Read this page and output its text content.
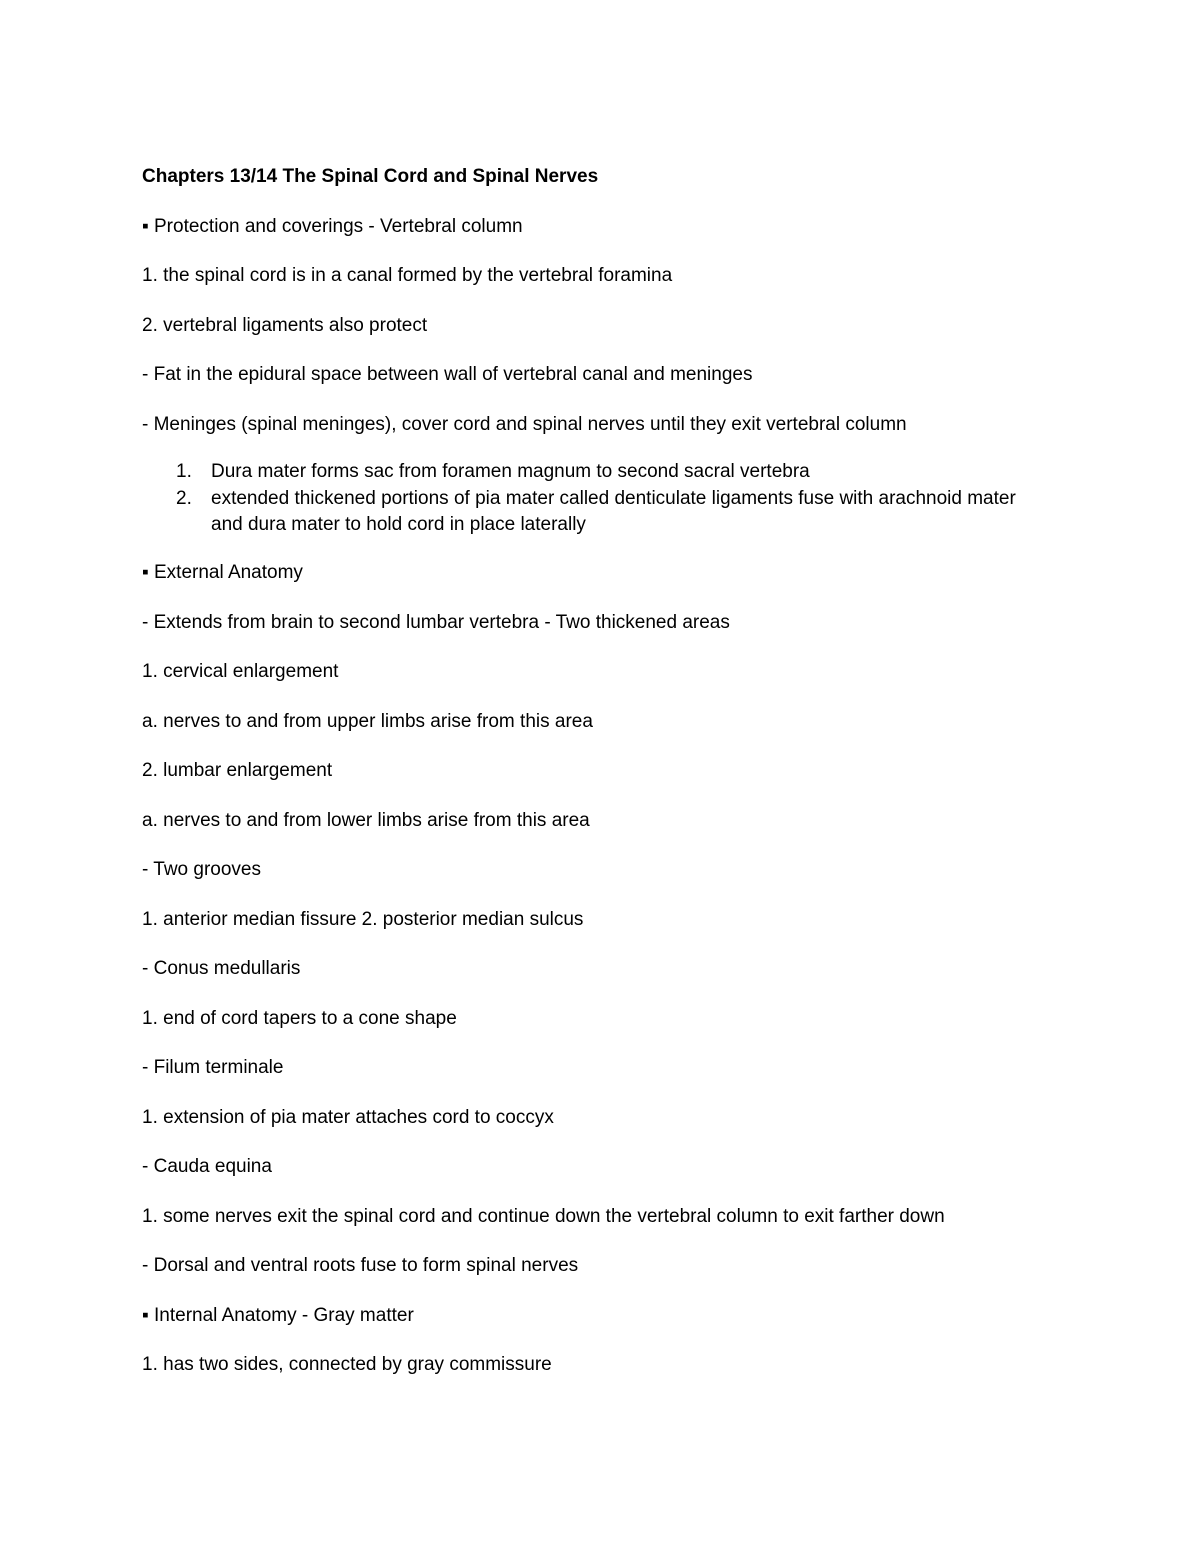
Chapters 13/14 The Spinal Cord and Spinal Nerves

▪ Protection and coverings - Vertebral column

1. the spinal cord is in a canal formed by the vertebral foramina

2. vertebral ligaments also protect

- Fat in the epidural space between wall of vertebral canal and meninges

- Meninges (spinal meninges), cover cord and spinal nerves until they exit vertebral column

1. Dura mater forms sac from foramen magnum to second sacral vertebra
2. extended thickened portions of pia mater called denticulate ligaments fuse with arachnoid mater and dura mater to hold cord in place laterally

▪ External Anatomy

- Extends from brain to second lumbar vertebra - Two thickened areas

1. cervical enlargement

a. nerves to and from upper limbs arise from this area

2. lumbar enlargement

a. nerves to and from lower limbs arise from this area

- Two grooves

1. anterior median fissure 2. posterior median sulcus

- Conus medullaris

1. end of cord tapers to a cone shape

- Filum terminale

1. extension of pia mater attaches cord to coccyx

- Cauda equina

1. some nerves exit the spinal cord and continue down the vertebral column to exit farther down

- Dorsal and ventral roots fuse to form spinal nerves

▪ Internal Anatomy - Gray matter

1. has two sides, connected by gray commissure
